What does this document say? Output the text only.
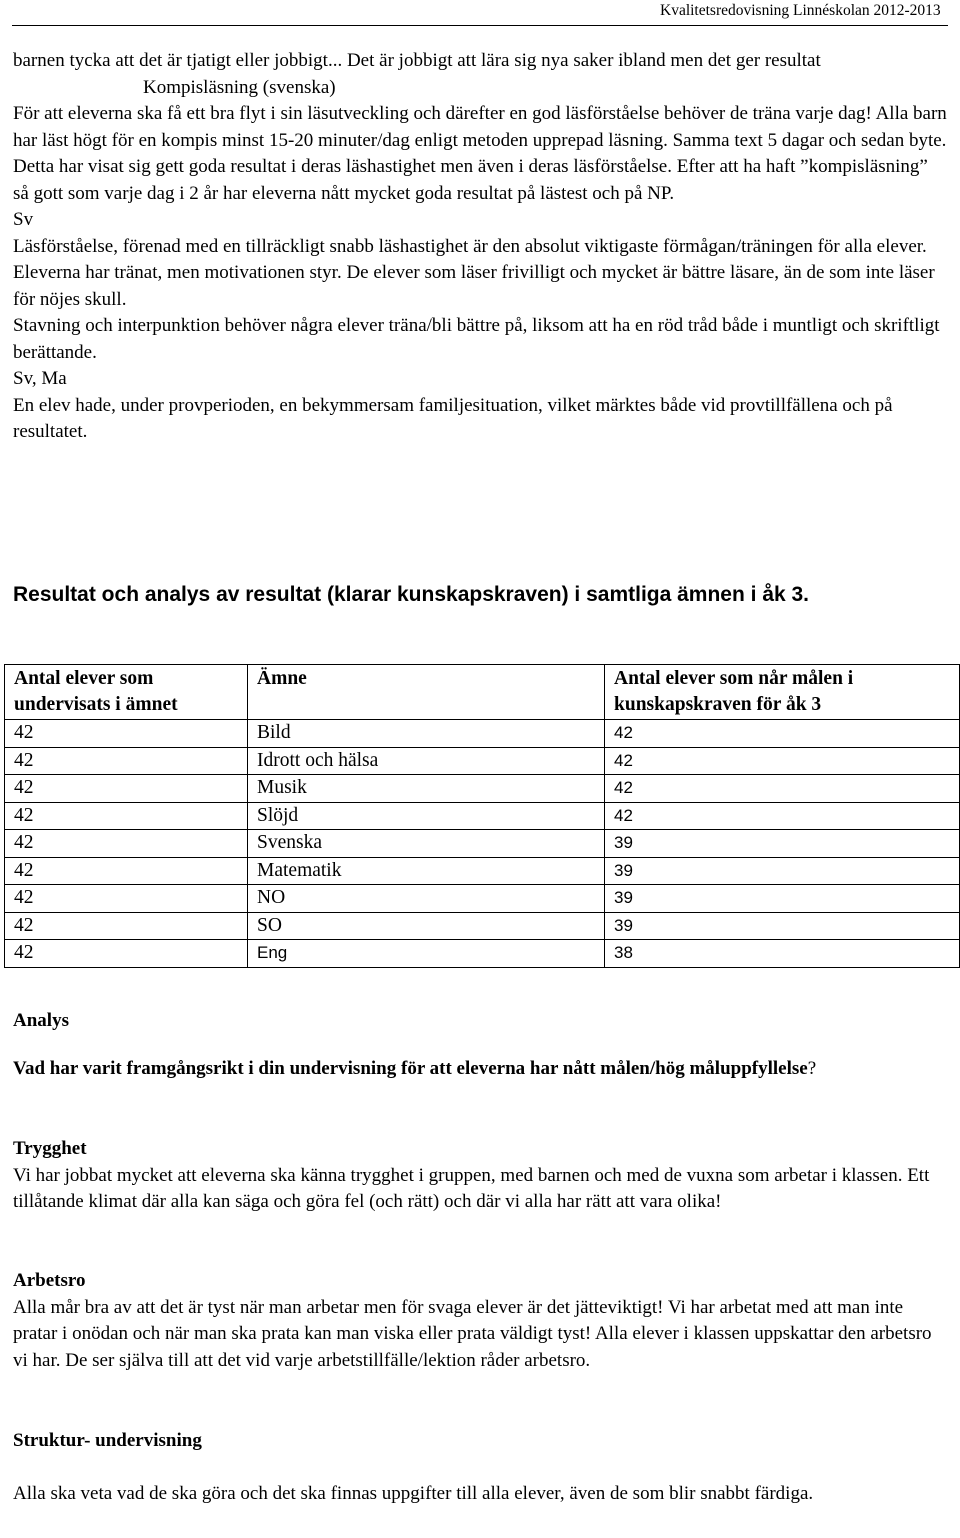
Kvalitetsredovisning Linnéskolan 2012-2013

barnen tycka att det är tjatigt eller jobbigt... Det är jobbigt att lära sig nya saker ibland men det ger resultat

Kompisläsning (svenska)

För att eleverna ska få ett bra flyt i sin läsutveckling och därefter en god läsförståelse behöver de träna varje dag! Alla barn har läst högt för en kompis minst 15-20 minuter/dag enligt metoden upprepad läsning. Samma text 5 dagar och sedan byte. Detta har visat sig gett goda resultat i deras läshastighet men även i deras läsförståelse. Efter att ha haft ”kompisläsning” så gott som varje dag i 2 år har eleverna nått mycket goda resultat på lästest och på NP.

Sv

Läsförståelse, förenad med en tillräckligt snabb läshastighet är den absolut viktigaste förmågan/träningen för alla elever. Eleverna har tränat, men motivationen styr. De elever som läser frivilligt och mycket är bättre läsare, än de som inte läser för nöjes skull.

Stavning och interpunktion behöver några elever träna/bli bättre på, liksom att ha en röd tråd både i muntligt och skriftligt berättande.

Sv, Ma

En elev hade, under provperioden, en bekymmersam familjesituation, vilket märktes både vid provtillfällena och på resultatet.

Resultat och analys av resultat (klarar kunskapskraven) i samtliga ämnen i åk 3.
Antal elever som undervisats i ämnet	Ämne	Antal elever som når målen i kunskapskraven för åk 3
42	Bild	42
42	Idrott och hälsa	42
42	Musik	42
42	Slöjd	42
42	Svenska	39
42	Matematik	39
42	NO	39
42	SO	39
42	Eng	38

Analys

Vad har varit framgångsrikt i din undervisning för att eleverna har nått målen/hög måluppfyllelse?

Trygghet

Vi har jobbat mycket att eleverna ska känna trygghet i gruppen, med barnen och med de vuxna som arbetar i klassen. Ett tillåtande klimat där alla kan säga och göra fel (och rätt) och där vi alla har rätt att vara olika!

Arbetsro

Alla mår bra av att det är tyst när man arbetar men för svaga elever är det jätteviktigt! Vi har arbetat med att man inte pratar i onödan och när man ska prata kan man viska eller prata väldigt tyst! Alla elever i klassen uppskattar den arbetsro vi har. De ser själva till att det vid varje arbetstillfälle/lektion råder arbetsro.

Struktur- undervisning

Alla ska veta vad de ska göra och det ska finnas uppgifter till alla elever, även de som blir snabbt färdiga.
